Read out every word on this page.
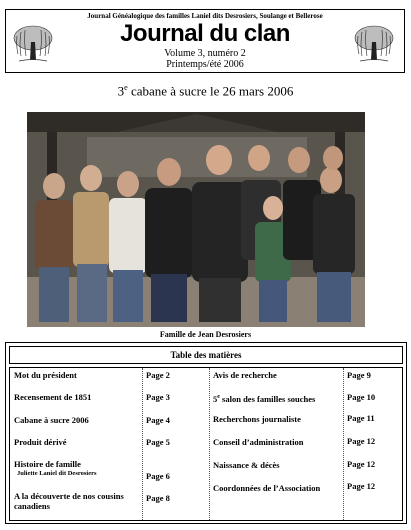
Journal Généalogique des familles Laniel dits Desrosiers, Soulange et Bellerose
Journal du clan
Volume 3, numéro 2
Printemps/été 2006
3e cabane à sucre le 26 mars 2006
Famille de Jean Desrosiers
Table des matières
Mot du président	Page 2
Recensement de 1851	Page 3
Cabane à sucre 2006	Page 4
Produit dérivé	Page 5
Histoire de famille
Juliette Laniel dit Desrosiers	Page 6
A la découverte de nos cousins
canadiens
Page 8
Avis de recherche	Page 9
5e salon des familles souches	Page 10
Recherchons journaliste	Page 11
Conseil d’administration	Page 12
Naissance & décès	Page 12
Coordonnées de l’Association	Page 12
